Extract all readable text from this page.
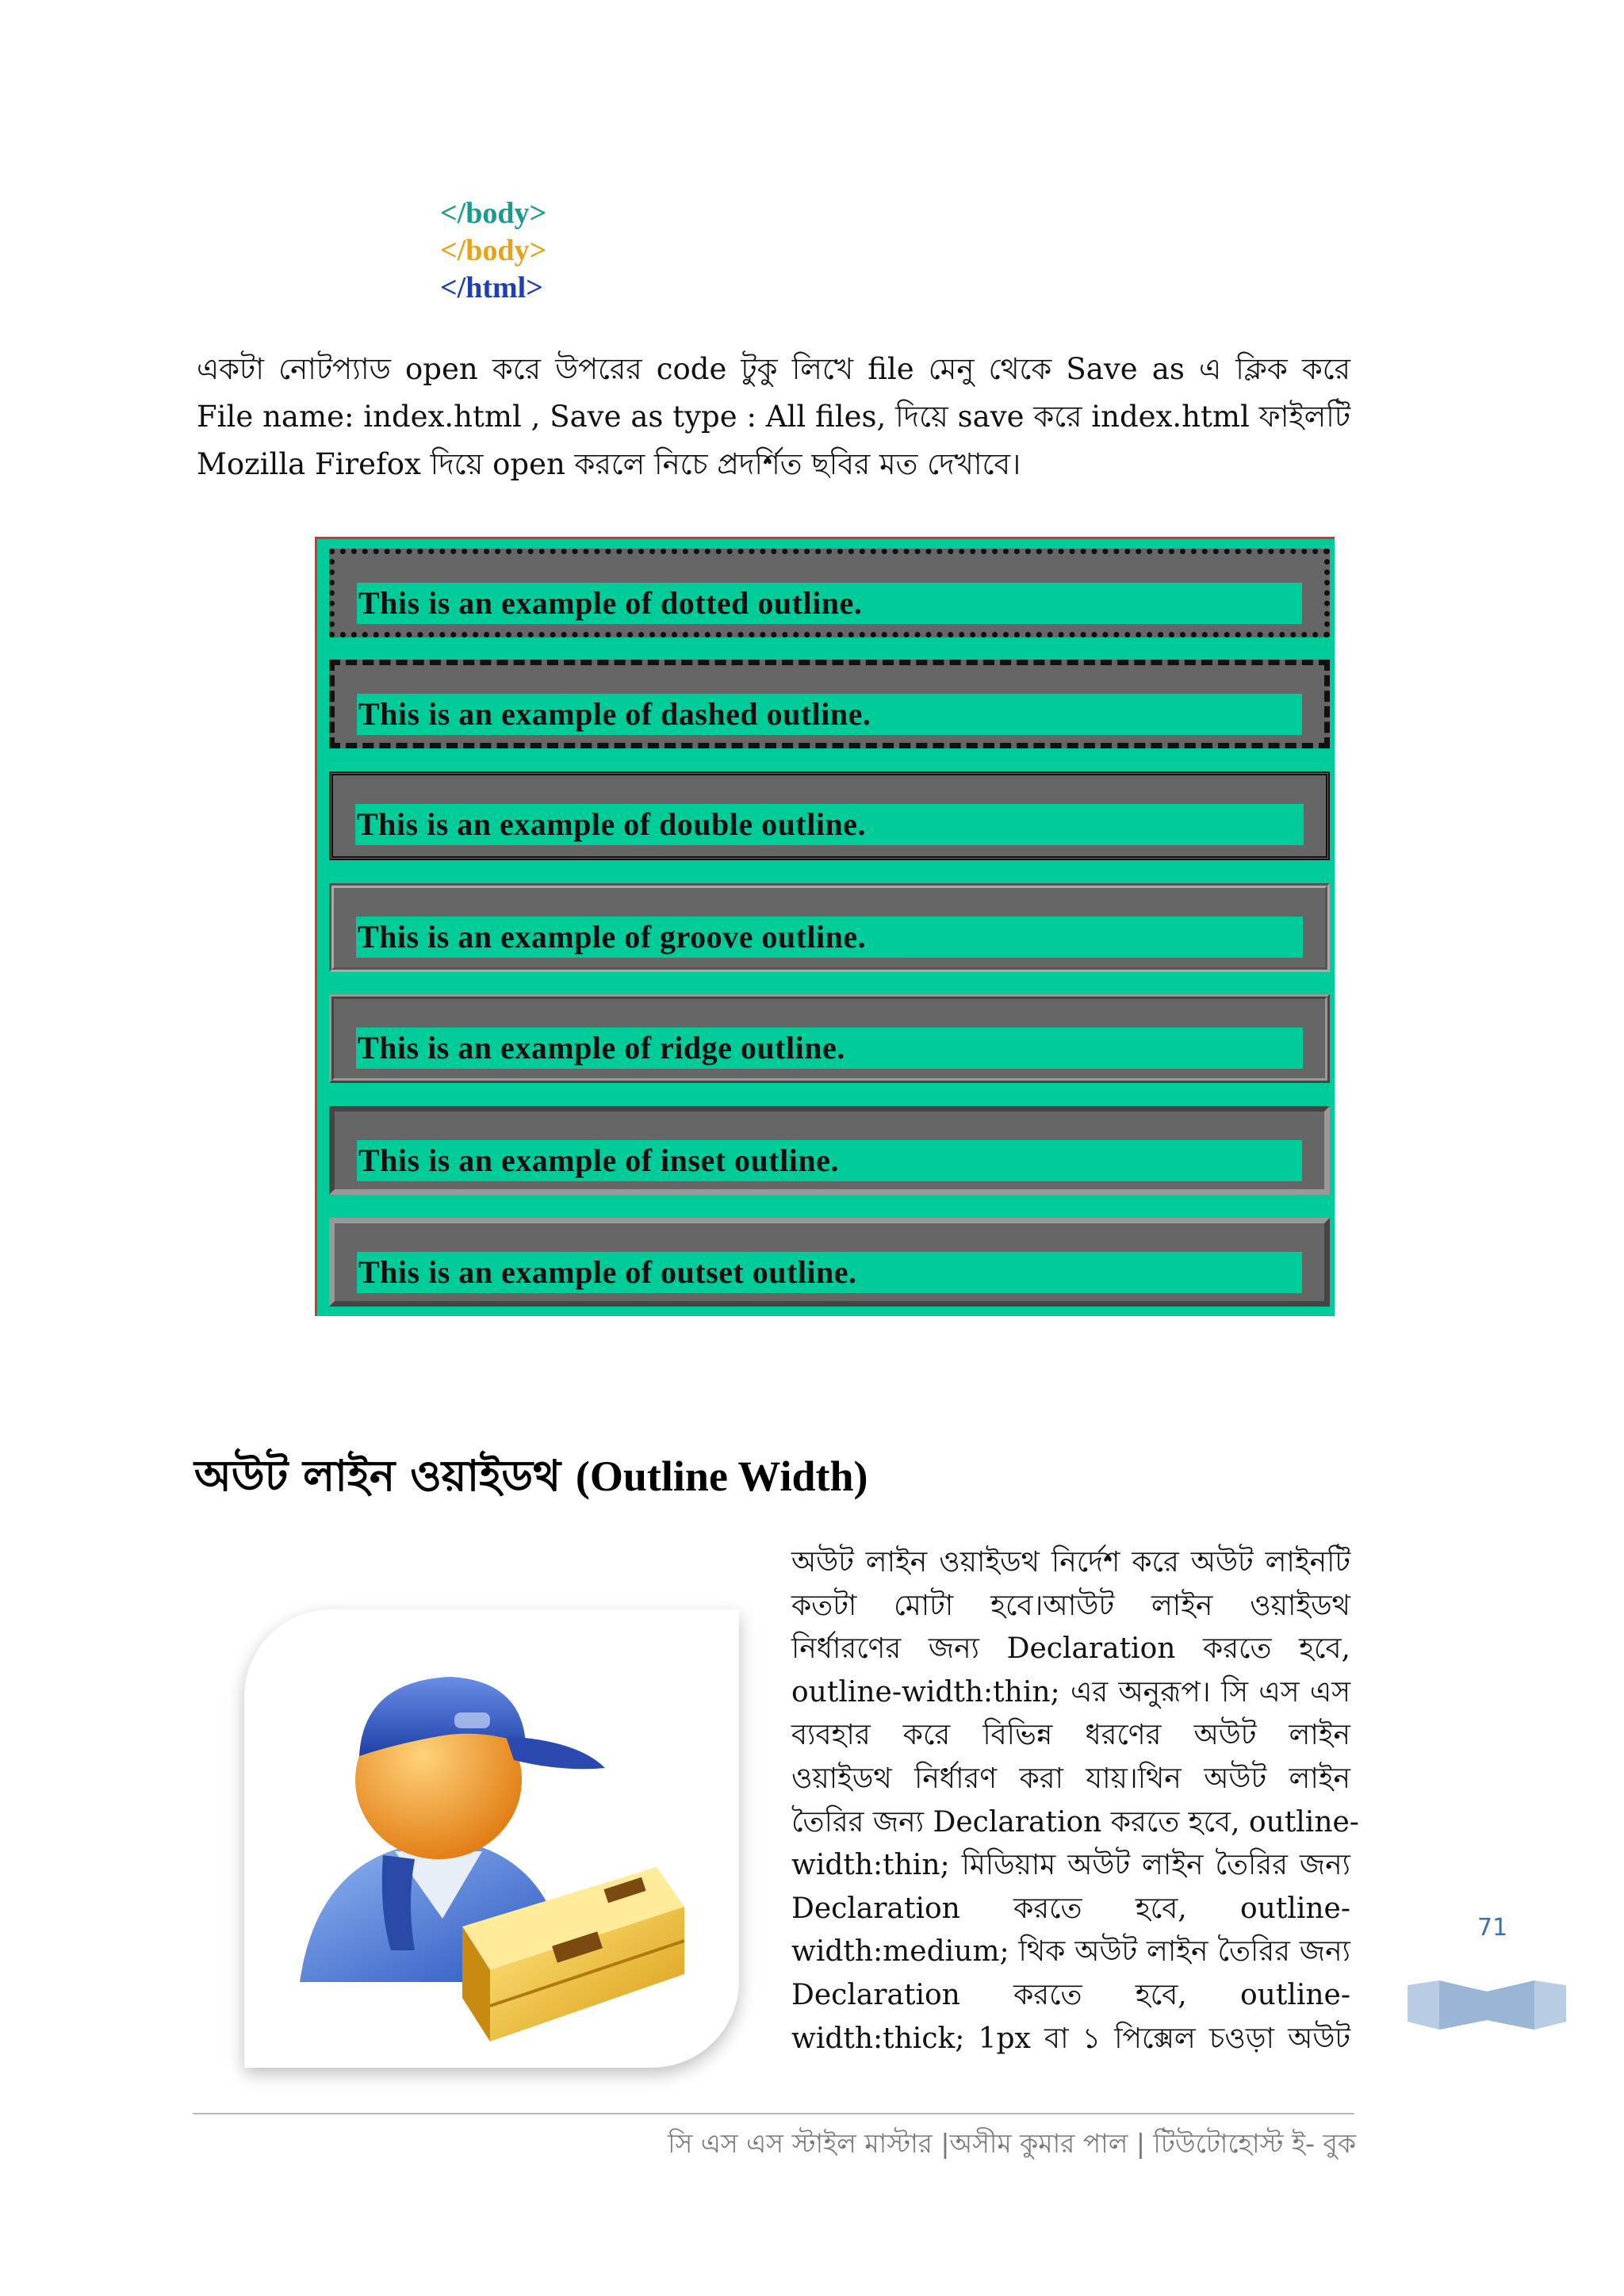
</body>
</body>
</html>
একটা নোটপ্যাড open করে উপরের code টুকু লিখে file মেনু থেকে Save as এ ক্লিক করে
File name: index.html , Save as type : All files, দিয়ে save করে index.html ফাইলটি
Mozilla Firefox দিয়ে open করলে নিচে প্রদর্শিত ছবির মত দেখাবে।
This is an example of dotted outline.
This is an example of dashed outline.
This is an example of double outline.
This is an example of groove outline.
This is an example of ridge outline.
This is an example of inset outline.
This is an example of outset outline.
অউট লাইন ওয়াইডথ (Outline Width)
অউট লাইন ওয়াইডথ নির্দেশ করে অউট লাইনটি
কতটা মোটা হবে।আউট লাইন ওয়াইডথ
নির্ধারণের জন্য Declaration করতে হবে,
outline-width:thin; এর অনুরূপ। সি এস এস
ব্যবহার করে বিভিন্ন ধরণের অউট লাইন
ওয়াইডথ নির্ধারণ করা যায়।থিন অউট লাইন
তৈরির জন্য Declaration করতে হবে, outline-
width:thin; মিডিয়াম অউট লাইন তৈরির জন্য
Declaration করতে হবে, outline-
width:medium; থিক অউট লাইন তৈরির জন্য
Declaration করতে হবে, outline-
width:thick; 1px বা ১ পিক্সেল চওড়া অউট
71
সি এস এস স্টাইল মাস্টার |অসীম কুমার পাল | টিউটোহোস্ট ই- বুক
